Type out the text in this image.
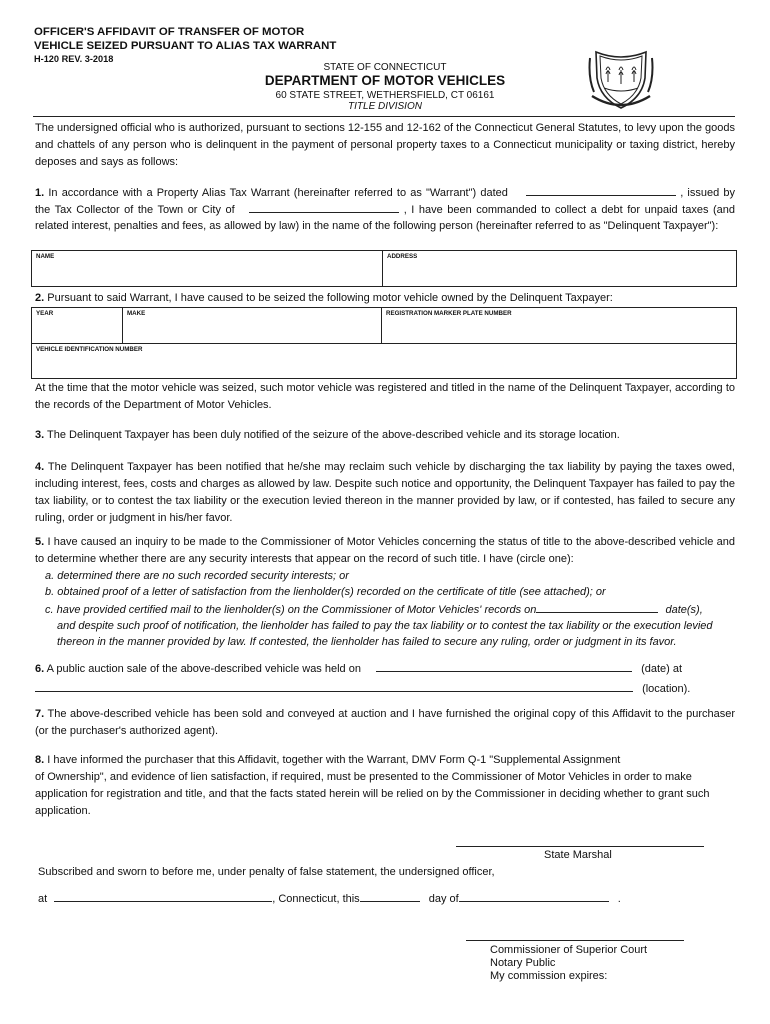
OFFICER'S AFFIDAVIT OF TRANSFER OF MOTOR
VEHICLE SEIZED PURSUANT TO ALIAS TAX WARRANT
H-120 REV. 3-2018
STATE OF CONNECTICUT
DEPARTMENT OF MOTOR VEHICLES
60 STATE STREET, WETHERSFIELD, CT 06161
TITLE DIVISION

The undersigned official who is authorized, pursuant to sections 12-155 and 12-162 of the Connecticut General Statutes, to levy upon the goods and chattels of any person who is delinquent in the payment of personal property taxes to a Connecticut municipality or taxing district, hereby deposes and says as follows:

1. In accordance with a Property Alias Tax Warrant (hereinafter referred to as "Warrant") dated	, issued by

the Tax Collector of the Town or City of	, I have been commanded to collect a debt for unpaid taxes (and

related interest, penalties and fees, as allowed by law) in the name of the following person (hereinafter referred to as "Delinquent Taxpayer"):

NAME	ADDRESS

2. Pursuant to said Warrant, I have caused to be seized the following motor vehicle owned by the Delinquent Taxpayer:

YEAR	MAKE	REGISTRATION MARKER PLATE NUMBER
VEHICLE IDENTIFICATION NUMBER

At the time that the motor vehicle was seized, such motor vehicle was registered and titled in the name of the Delinquent Taxpayer, according to the records of the Department of Motor Vehicles.

3. The Delinquent Taxpayer has been duly notified of the seizure of the above-described vehicle and its storage location.

4. The Delinquent Taxpayer has been notified that he/she may reclaim such vehicle by discharging the tax liability by paying the taxes owed, including interest, fees, costs and charges as allowed by law. Despite such notice and opportunity, the Delinquent Taxpayer has failed to pay the tax liability, or to contest the tax liability or the execution levied thereon in the manner provided by law, or if contested, has failed to secure any ruling, order or judgment in his/her favor.

5. I have caused an inquiry to be made to the Commissioner of Motor Vehicles concerning the status of title to the above-described vehicle and to determine whether there are any security interests that appear on the record of such title. I have (circle one):

a. determined there are no such recorded security interests; or
b. obtained proof of a letter of satisfaction from the lienholder(s) recorded on the certificate of title (see attached); or
c. have provided certified mail to the lienholder(s) on the Commissioner of Motor Vehicles' records on	date(s),
and despite such proof of notification, the lienholder has failed to pay the tax liability or to contest the tax liability or the execution levied
thereon in the manner provided by law. If contested, the lienholder has failed to secure any ruling, order or judgment in its favor.

6. A public auction sale of the above-described vehicle was held on	(date) at

(location).

7. The above-described vehicle has been sold and conveyed at auction and I have furnished the original copy of this Affidavit to the purchaser (or the purchaser's authorized agent).

8. I have informed the purchaser that this Affidavit, together with the Warrant, DMV Form Q-1 "Supplemental Assignment

of Ownership", and evidence of lien satisfaction, if required, must be presented to the Commissioner of Motor Vehicles in order to make application for registration and title, and that the facts stated herein will be relied on by the Commissioner in deciding whether to grant such application.

State Marshal
Subscribed and sworn to before me, under penalty of false statement, the undersigned officer,
at	, Connecticut, this	day of	.
Commissioner of Superior Court
Notary Public
My commission expires:
